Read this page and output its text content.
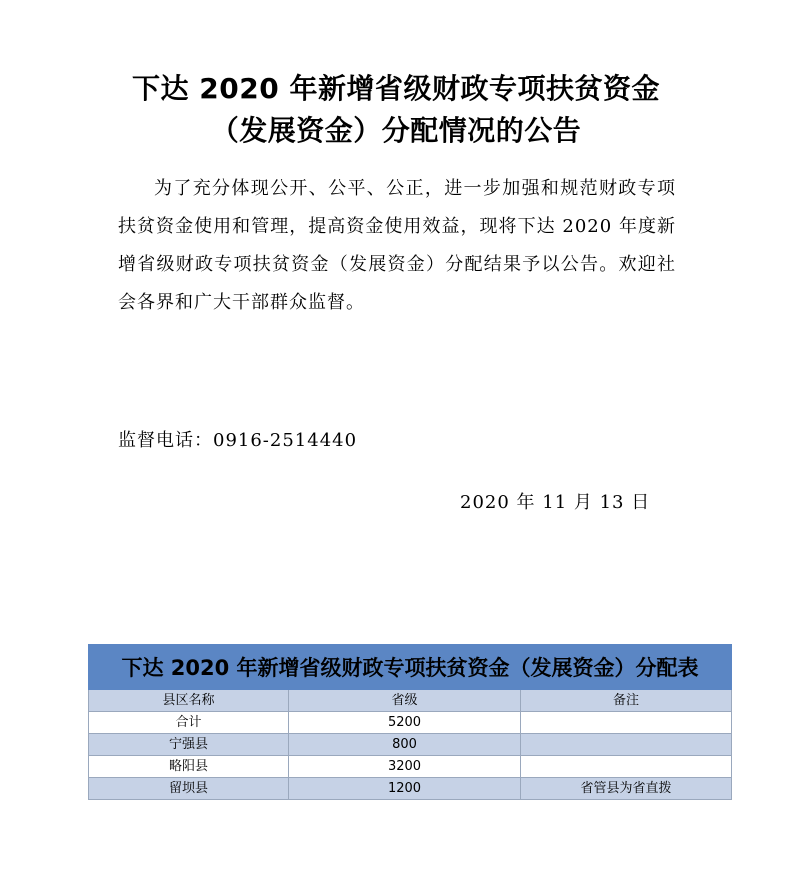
下达 2020 年新增省级财政专项扶贫资金
（发展资金）分配情况的公告

为了充分体现公开、公平、公正，进一步加强和规范财政专项扶贫资金使用和管理，提高资金使用效益，现将下达 2020 年度新增省级财政专项扶贫资金（发展资金）分配结果予以公告。欢迎社会各界和广大干部群众监督。

监督电话：0916-2514440
2020 年 11 月 13 日
下达 2020 年新增省级财政专项扶贫资金（发展资金）分配表		
县区名称	省级	备注
合计	5200	
宁强县	800	
略阳县	3200	
留坝县	1200	省管县为省直拨
